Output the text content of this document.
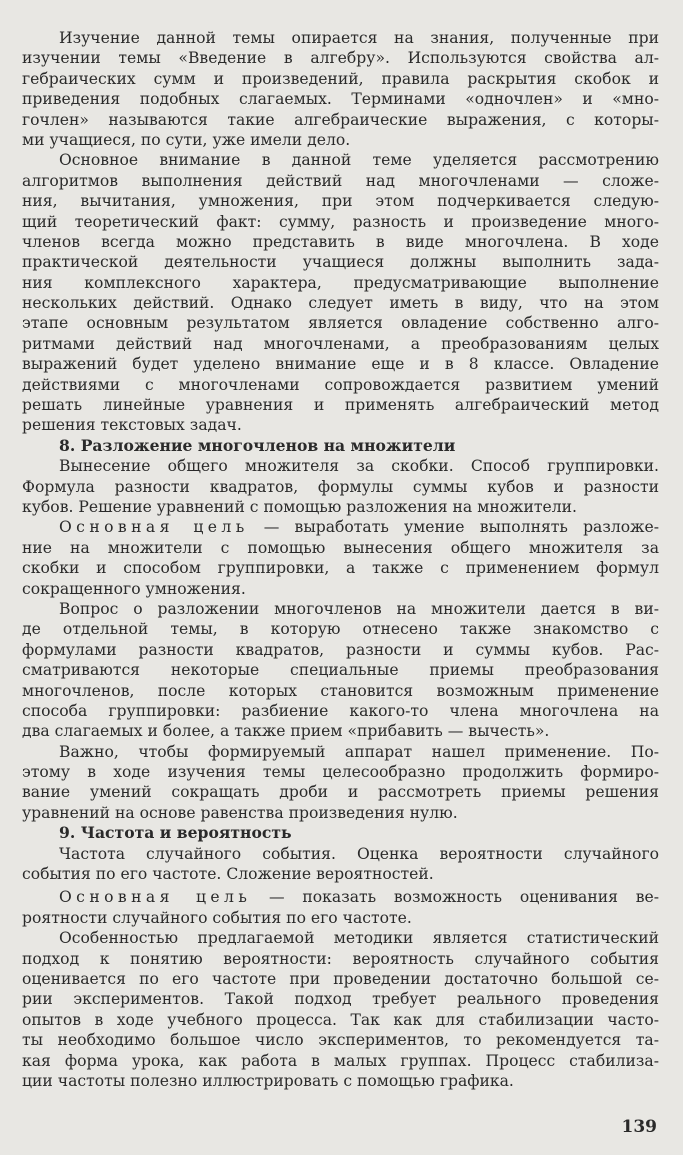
Изучение данной темы опирается на знания, полученные при
изучении темы «Введение в алгебру». Используются свойства ал-
гебраических сумм и произведений, правила раскрытия скобок и
приведения подобных слагаемых. Терминами «одночлен» и «мно-
гочлен» называются такие алгебраические выражения, с которы-
ми учащиеся, по сути, уже имели дело.
Основное внимание в данной теме уделяется рассмотрению
алгоритмов выполнения действий над многочленами — сложе-
ния, вычитания, умножения, при этом подчеркивается следую-
щий теоретический факт: сумму, разность и произведение много-
членов всегда можно представить в виде многочлена. В ходе
практической деятельности учащиеся должны выполнить зада-
ния комплексного характера, предусматривающие выполнение
нескольких действий. Однако следует иметь в виду, что на этом
этапе основным результатом является овладение собственно алго-
ритмами действий над многочленами, а преобразованиям целых
выражений будет уделено внимание еще и в 8 классе. Овладение
действиями с многочленами сопровождается развитием умений
решать линейные уравнения и применять алгебраический метод
решения текстовых задач.
8. Разложение многочленов на множители
Вынесение общего множителя за скобки. Способ группировки.
Формула разности квадратов, формулы суммы кубов и разности
кубов. Решение уравнений с помощью разложения на множители.
Основная цель — выработать умение выполнять разложе-
ние на множители с помощью вынесения общего множителя за
скобки и способом группировки, а также с применением формул
сокращенного умножения.
Вопрос о разложении многочленов на множители дается в ви-
де отдельной темы, в которую отнесено также знакомство с
формулами разности квадратов, разности и суммы кубов. Рас-
сматриваются некоторые специальные приемы преобразования
многочленов, после которых становится возможным применение
способа группировки: разбиение какого-то члена многочлена на
два слагаемых и более, а также прием «прибавить — вычесть».
Важно, чтобы формируемый аппарат нашел применение. По-
этому в ходе изучения темы целесообразно продолжить формиро-
вание умений сокращать дроби и рассмотреть приемы решения
уравнений на основе равенства произведения нулю.
9. Частота и вероятность
Частота случайного события. Оценка вероятности случайного
события по его частоте. Сложение вероятностей.
Основная цель — показать возможность оценивания ве-
роятности случайного события по его частоте.
Особенностью предлагаемой методики является статистический
подход к понятию вероятности: вероятность случайного события
оценивается по его частоте при проведении достаточно большой се-
рии экспериментов. Такой подход требует реального проведения
опытов в ходе учебного процесса. Так как для стабилизации часто-
ты необходимо большое число экспериментов, то рекомендуется та-
кая форма урока, как работа в малых группах. Процесс стабилиза-
ции частоты полезно иллюстрировать с помощью графика.
139
